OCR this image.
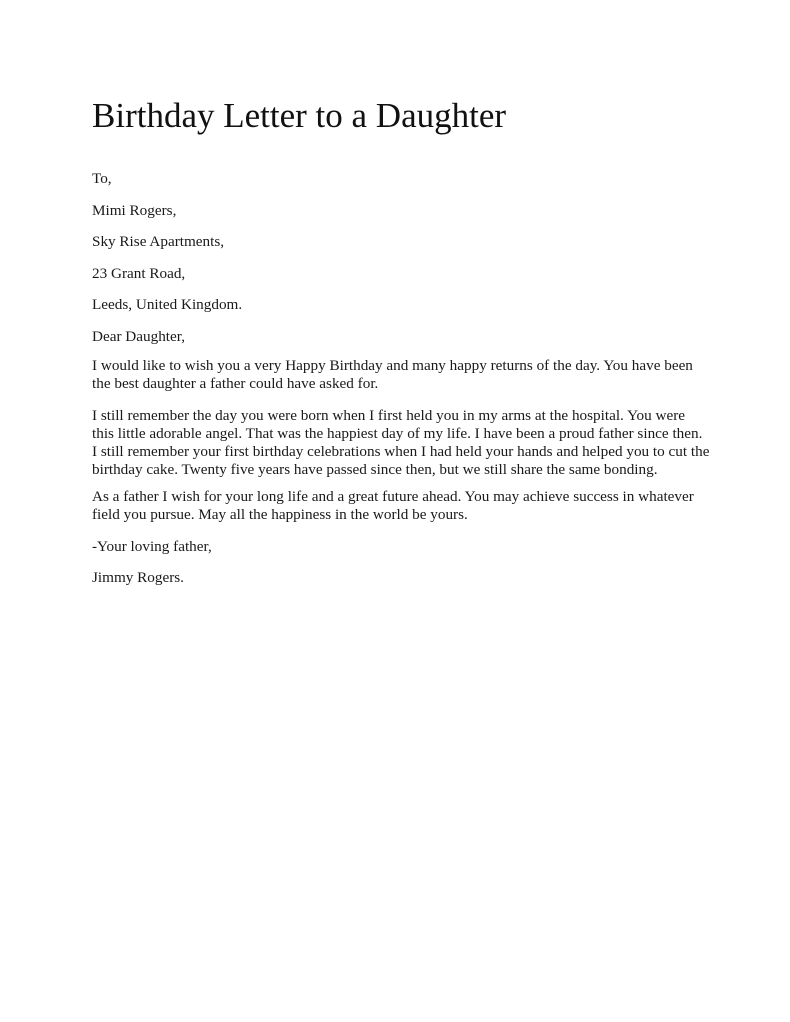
Birthday Letter to a Daughter
To,
Mimi Rogers,
Sky Rise Apartments,
23 Grant Road,
Leeds, United Kingdom.
Dear Daughter,
I would like to wish you a very Happy Birthday and many happy returns of the day. You have been
the best daughter a father could have asked for.
I still remember the day you were born when I first held you in my arms at the hospital. You were
this little adorable angel. That was the happiest day of my life. I have been a proud father since then.
I still remember your first birthday celebrations when I had held your hands and helped you to cut the
birthday cake. Twenty five years have passed since then, but we still share the same bonding.
As a father I wish for your long life and a great future ahead. You may achieve success in whatever
field you pursue. May all the happiness in the world be yours.
-Your loving father,
Jimmy Rogers.
